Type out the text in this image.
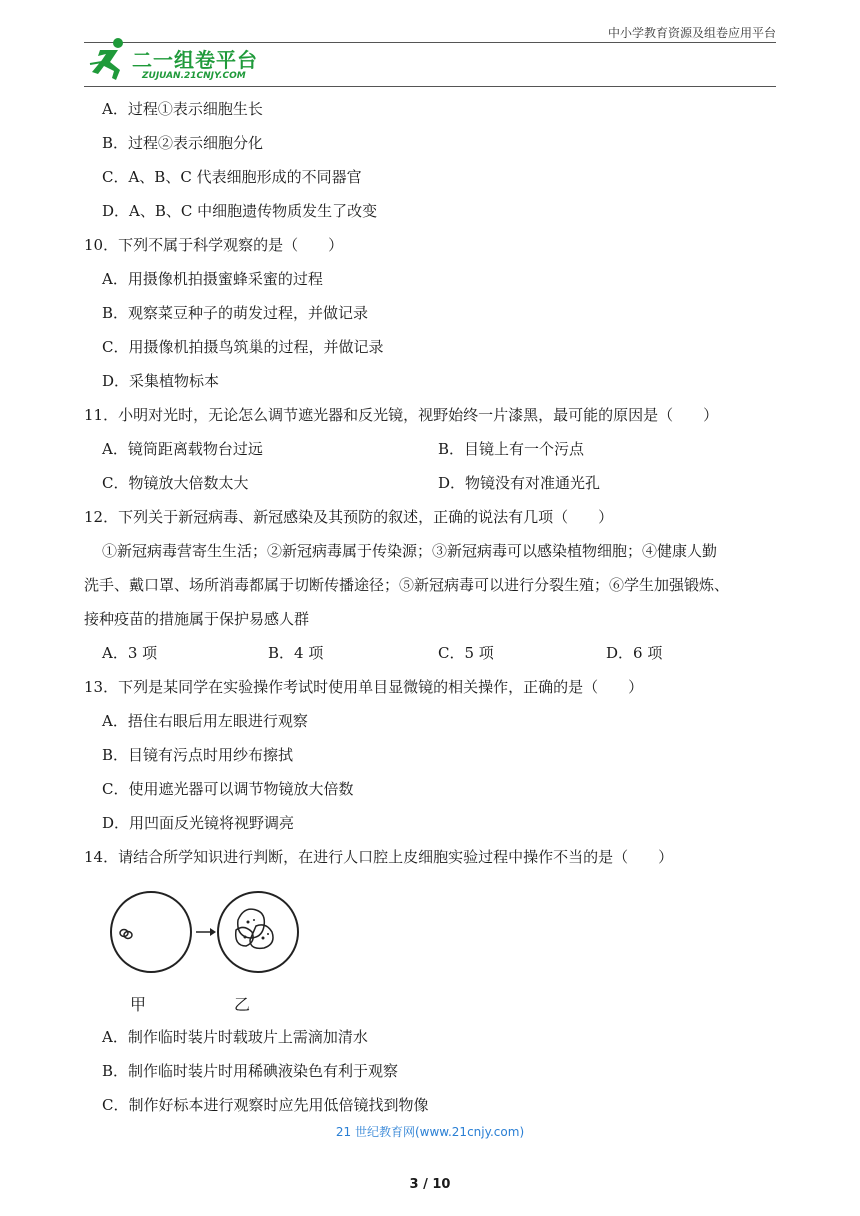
中小学教育资源及组卷应用平台
二一组卷平台
ZUJUAN.21CNJY.COM
A．过程①表示细胞生长
B．过程②表示细胞分化
C．A、B、C 代表细胞形成的不同器官
D．A、B、C 中细胞遗传物质发生了改变
10．下列不属于科学观察的是（　　）
A．用摄像机拍摄蜜蜂采蜜的过程
B．观察菜豆种子的萌发过程，并做记录
C．用摄像机拍摄鸟筑巢的过程，并做记录
D．采集植物标本
11．小明对光时，无论怎么调节遮光器和反光镜，视野始终一片漆黑，最可能的原因是（　　）
A．镜筒距离载物台过远	B．目镜上有一个污点
C．物镜放大倍数太大	D．物镜没有对准通光孔
12．下列关于新冠病毒、新冠感染及其预防的叙述，正确的说法有几项（　　）
①新冠病毒营寄生生活；②新冠病毒属于传染源；③新冠病毒可以感染植物细胞；④健康人勤
洗手、戴口罩、场所消毒都属于切断传播途径；⑤新冠病毒可以进行分裂生殖；⑥学生加强锻炼、
接种疫苗的措施属于保护易感人群
A．3 项	B．4 项	C．5 项	D．6 项
13．下列是某同学在实验操作考试时使用单目显微镜的相关操作，正确的是（　　）
A．捂住右眼后用左眼进行观察
B．目镜有污点时用纱布擦拭
C．使用遮光器可以调节物镜放大倍数
D．用凹面反光镜将视野调亮
14．请结合所学知识进行判断，在进行人口腔上皮细胞实验过程中操作不当的是（　　）
甲	乙
A．制作临时装片时载玻片上需滴加清水
B．制作临时装片时用稀碘液染色有利于观察
C．制作好标本进行观察时应先用低倍镜找到物像
21 世纪教育网(www.21cnjy.com)
3 / 10
